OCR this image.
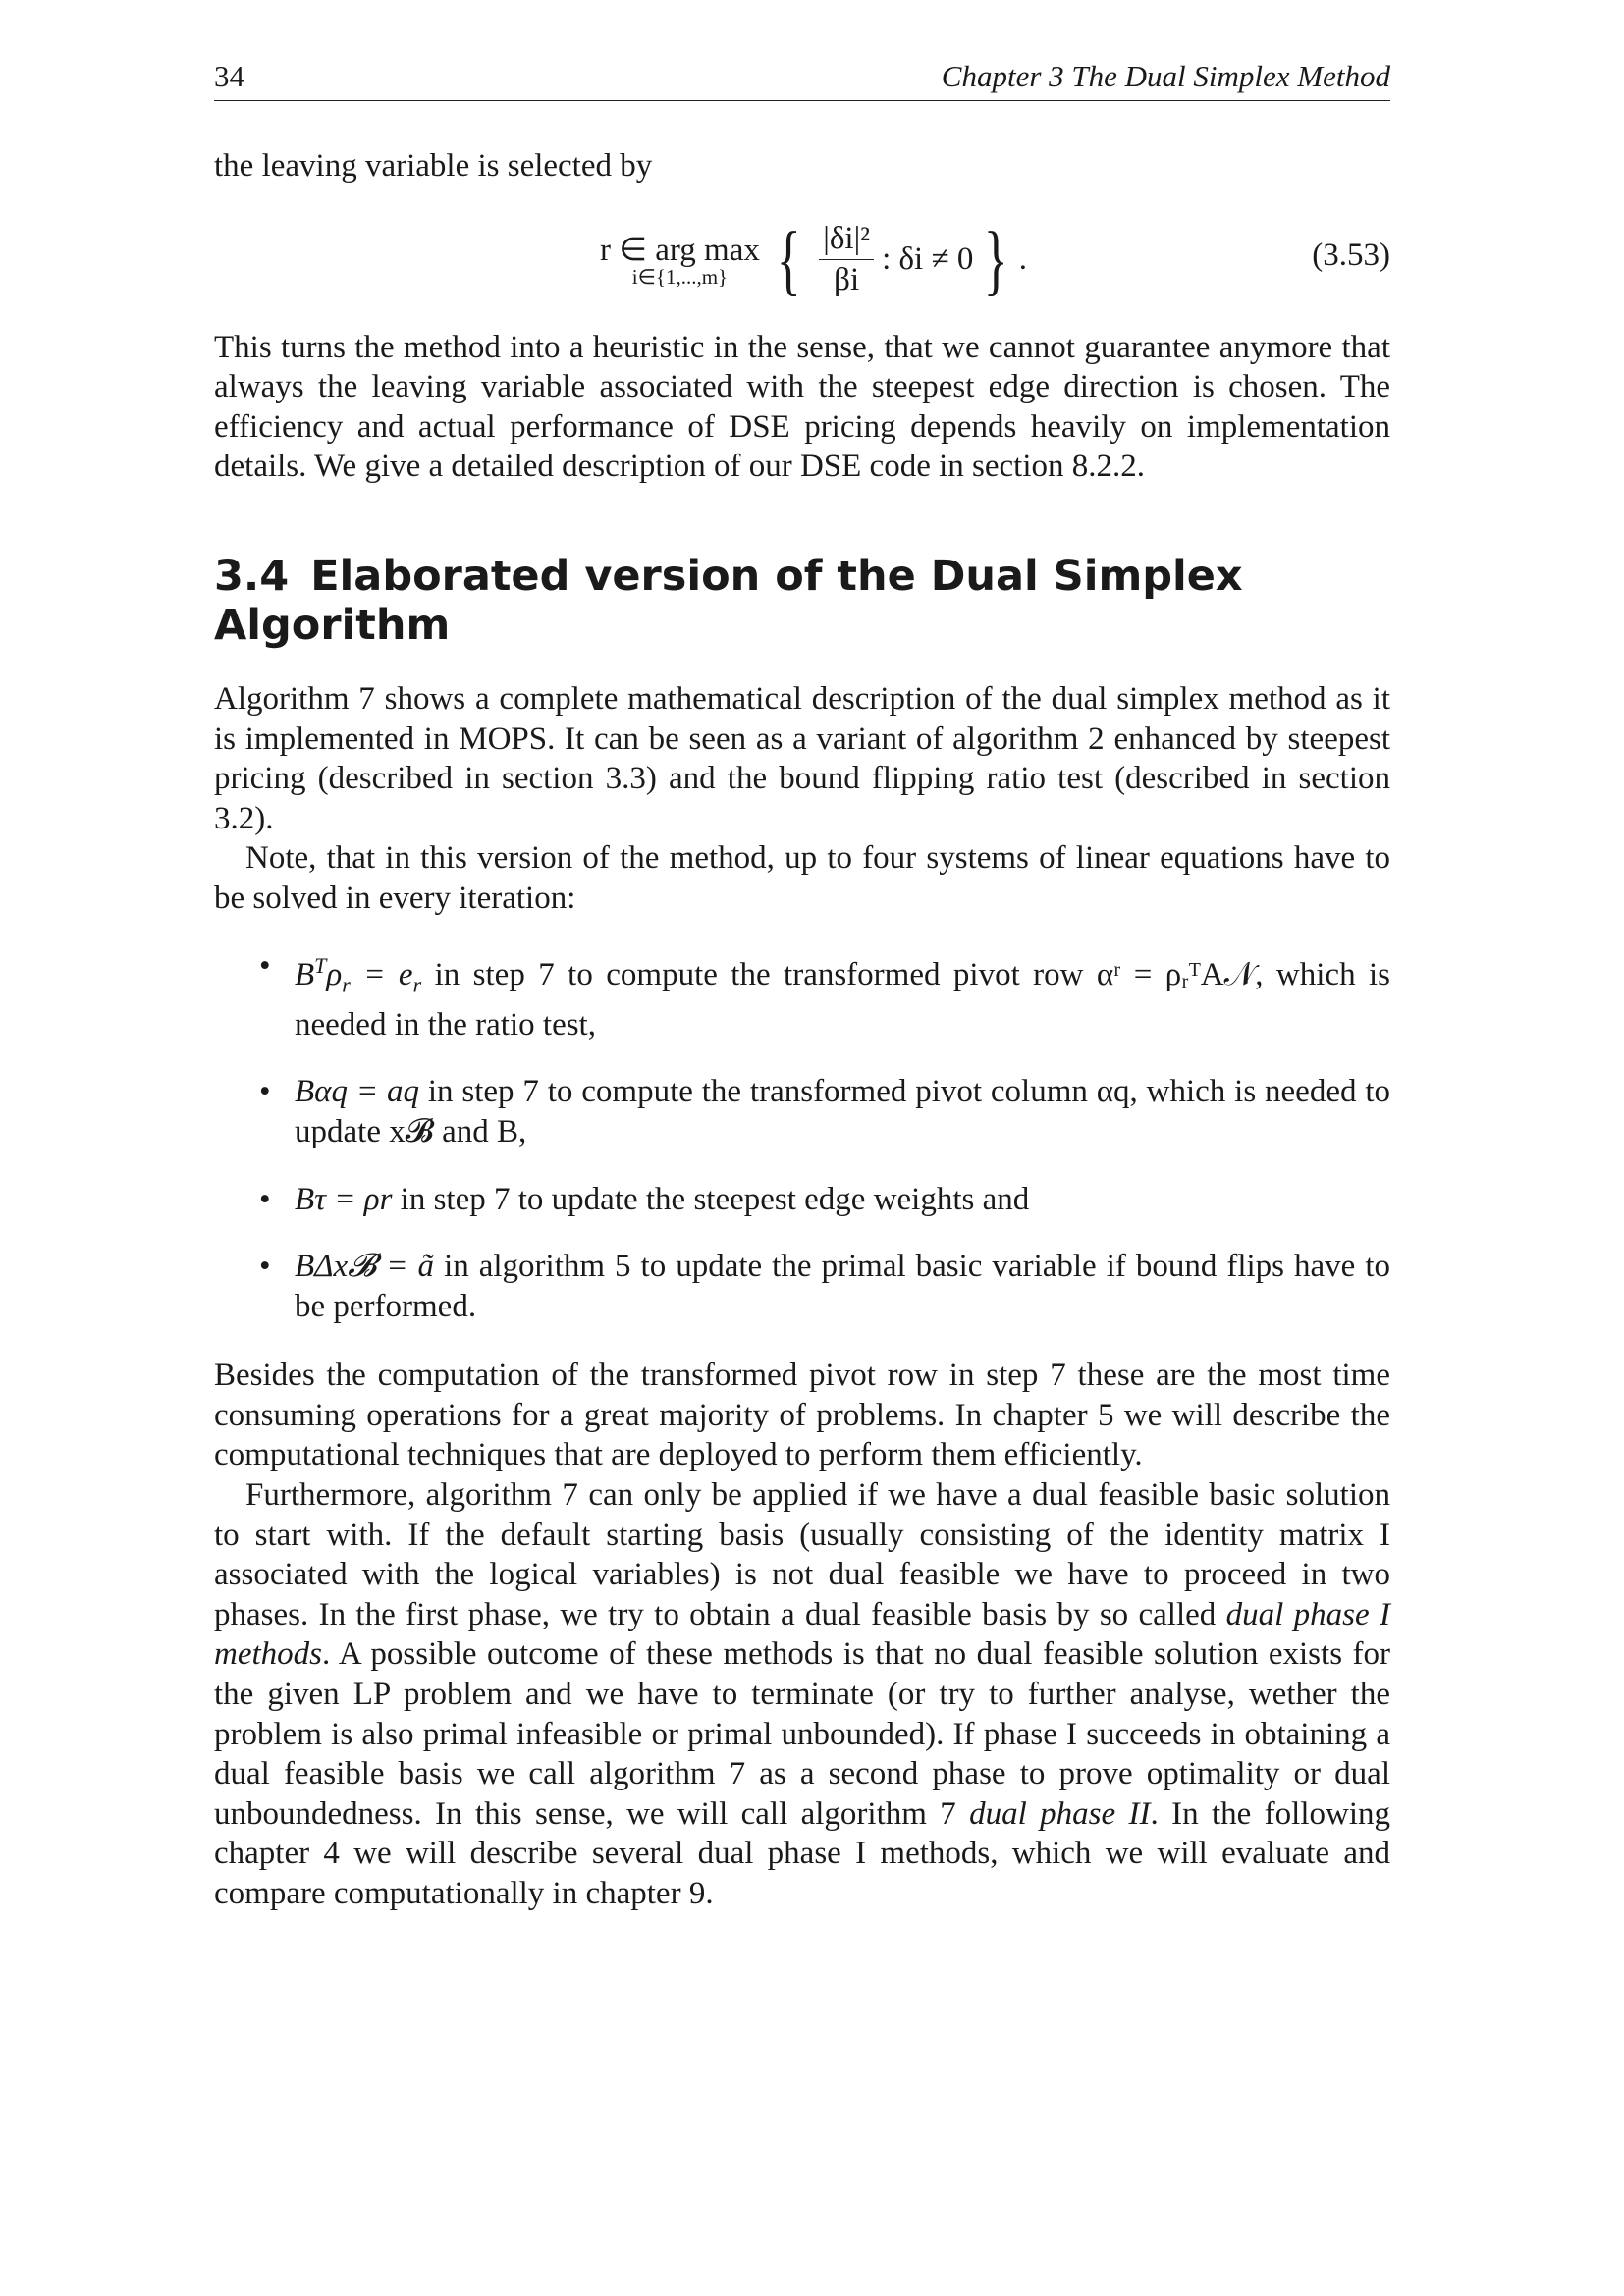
34	Chapter 3 The Dual Simplex Method

the leaving variable is selected by

r ∈ arg max
i∈{1,...,m} { $\frac{\text{|δi|²}}{\beta i}$ : δi ≠ 0 } .	(3.53)

This turns the method into a heuristic in the sense, that we cannot guarantee anymore that always the leaving variable associated with the steepest edge direction is chosen. The efficiency and actual performance of DSE pricing depends heavily on implementation details. We give a detailed description of our DSE code in section 8.2.2.

3.4 Elaborated version of the Dual Simplex Algorithm

Algorithm 7 shows a complete mathematical description of the dual simplex method as it is implemented in MOPS. It can be seen as a variant of algorithm 2 enhanced by steepest pricing (described in section 3.3) and the bound flipping ratio test (described in section 3.2).

Note, that in this version of the method, up to four systems of linear equations have to be solved in every iteration:

• $B^T\rho_r = e_r$ in step 7 to compute the transformed pivot row αʳ = ρᵣᵀA𝒩, which is needed in the ratio test,
• Bαq = aq in step 7 to compute the transformed pivot column αq, which is needed to update x𝓑 and B,
• Bτ = ρr in step 7 to update the steepest edge weights and
• BΔx𝓑 = ã in algorithm 5 to update the primal basic variable if bound flips have to be performed.

Besides the computation of the transformed pivot row in step 7 these are the most time consuming operations for a great majority of problems. In chapter 5 we will describe the computational techniques that are deployed to perform them efficiently.

Furthermore, algorithm 7 can only be applied if we have a dual feasible basic solution to start with. If the default starting basis (usually consisting of the identity matrix I associated with the logical variables) is not dual feasible we have to proceed in two phases. In the first phase, we try to obtain a dual feasible basis by so called dual phase I methods. A possible outcome of these methods is that no dual feasible solution exists for the given LP problem and we have to terminate (or try to further analyse, wether the problem is also primal infeasible or primal unbounded). If phase I succeeds in obtaining a dual feasible basis we call algorithm 7 as a second phase to prove optimality or dual unboundedness. In this sense, we will call algorithm 7 dual phase II. In the following chapter 4 we will describe several dual phase I methods, which we will evaluate and compare computationally in chapter 9.
